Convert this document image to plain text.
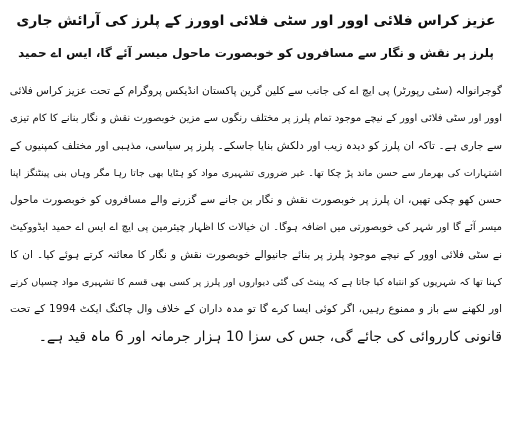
عزیز کراس فلائی اوور اور سٹی فلائی اوورز کے پلرز کی آرائش جاری
پلرز پر نقش و نگار سے مسافروں کو خوبصورت ماحول میسر آئے گا، ایس اے حمید
گوجرانوالہ (سٹی رپورٹر) پی ایچ اے کی جانب سے کلین گرین پاکستان انڈیکس پروگرام کے تحت عزیز کراس فلائی
اوور اور سٹی فلائی اوور کے نیچے موجود تمام پلرز پر مختلف رنگوں سے مزین خوبصورت نقش و نگار بنانے کا کام تیزی
سے جاری ہے۔ تاکہ ان پلرز کو دیدہ زیب اور دلکش بنایا جاسکے۔ پلرز پر سیاسی، مذہبی اور مختلف کمپنیوں کے
اشتہارات کی بھرمار سے حسن ماند پڑ چکا تھا۔ غیر ضروری تشہیری مواد کو ہٹایا بھی جاتا رہا مگر وہاں بنی پینٹنگز اپنا
حسن کھو چکی تھیں، ان پلرز پر خوبصورت نقش و نگار بن جانے سے گزرنے والے مسافروں کو خوبصورت ماحول
میسر آئے گا اور شہر کی خوبصورتی میں اضافہ ہوگا۔ ان خیالات کا اظہار چیئرمین پی ایچ اے ایس اے حمید ایڈووکیٹ
نے سٹی فلائی اوور کے نیچے موجود پلرز پر بنائے جانیوالے خوبصورت نقش و نگار کا معائنہ کرتے ہوئے کیا۔ ان کا
کہنا تھا کہ شہریوں کو انتباہ کیا جاتا ہے کہ پینٹ کی گئی دیواروں اور پلرز پر کسی بھی قسم کا تشہیری مواد چسپاں کرنے
اور لکھنے سے باز و ممنوع رہیں، اگر کوئی ایسا کرے گا تو مدہ داران کے خلاف وال چاکنگ ایکٹ 1994 کے تحت
قانونی کارروائی کی جائے گی، جس کی سزا 10 ہزار جرمانہ اور 6 ماہ قید ہے۔
